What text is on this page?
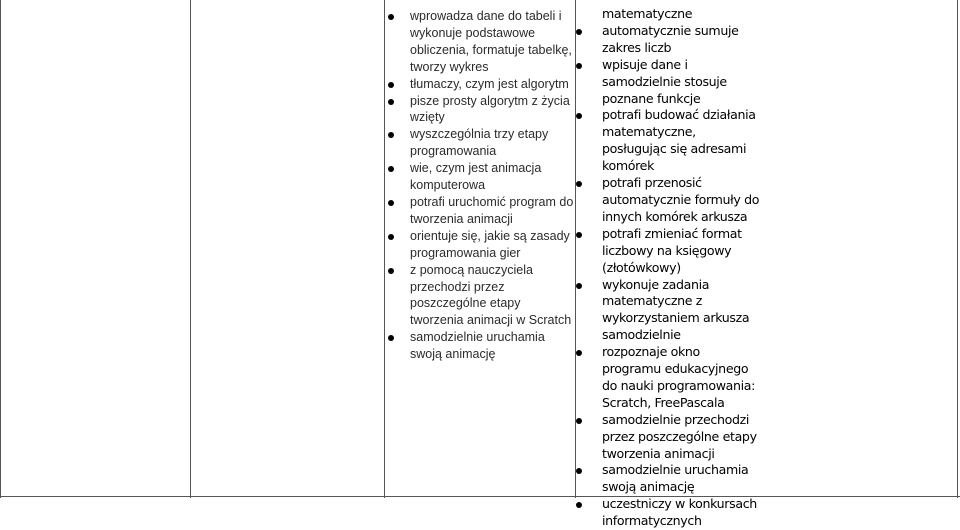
wprowadza dane do tabeli i wykonuje podstawowe obliczenia, formatuje tabelkę, tworzy wykres
tłumaczy, czym jest algorytm
pisze prosty algorytm z życia wzięty
wyszczególnia trzy etapy programowania
wie, czym jest animacja komputerowa
potrafi uruchomić program do tworzenia animacji
orientuje się, jakie są zasady programowania gier
z pomocą nauczyciela przechodzi przez poszczególne etapy tworzenia animacji w Scratch
samodzielnie uruchamia swoją animację

matematyczne

automatycznie sumuje zakres liczb
wpisuje dane i samodzielnie stosuje poznane funkcje
potrafi budować działania matematyczne, posługując się adresami komórek
potrafi przenosić automatycznie formuły do innych komórek arkusza
potrafi zmieniać format liczbowy na księgowy (złotówkowy)
wykonuje zadania matematyczne z wykorzystaniem arkusza samodzielnie
rozpoznaje okno programu edukacyjnego do nauki programowania: Scratch, FreePascala
samodzielnie przechodzi przez poszczególne etapy tworzenia animacji
samodzielnie uruchamia swoją animację
uczestniczy w konkursach informatycznych
